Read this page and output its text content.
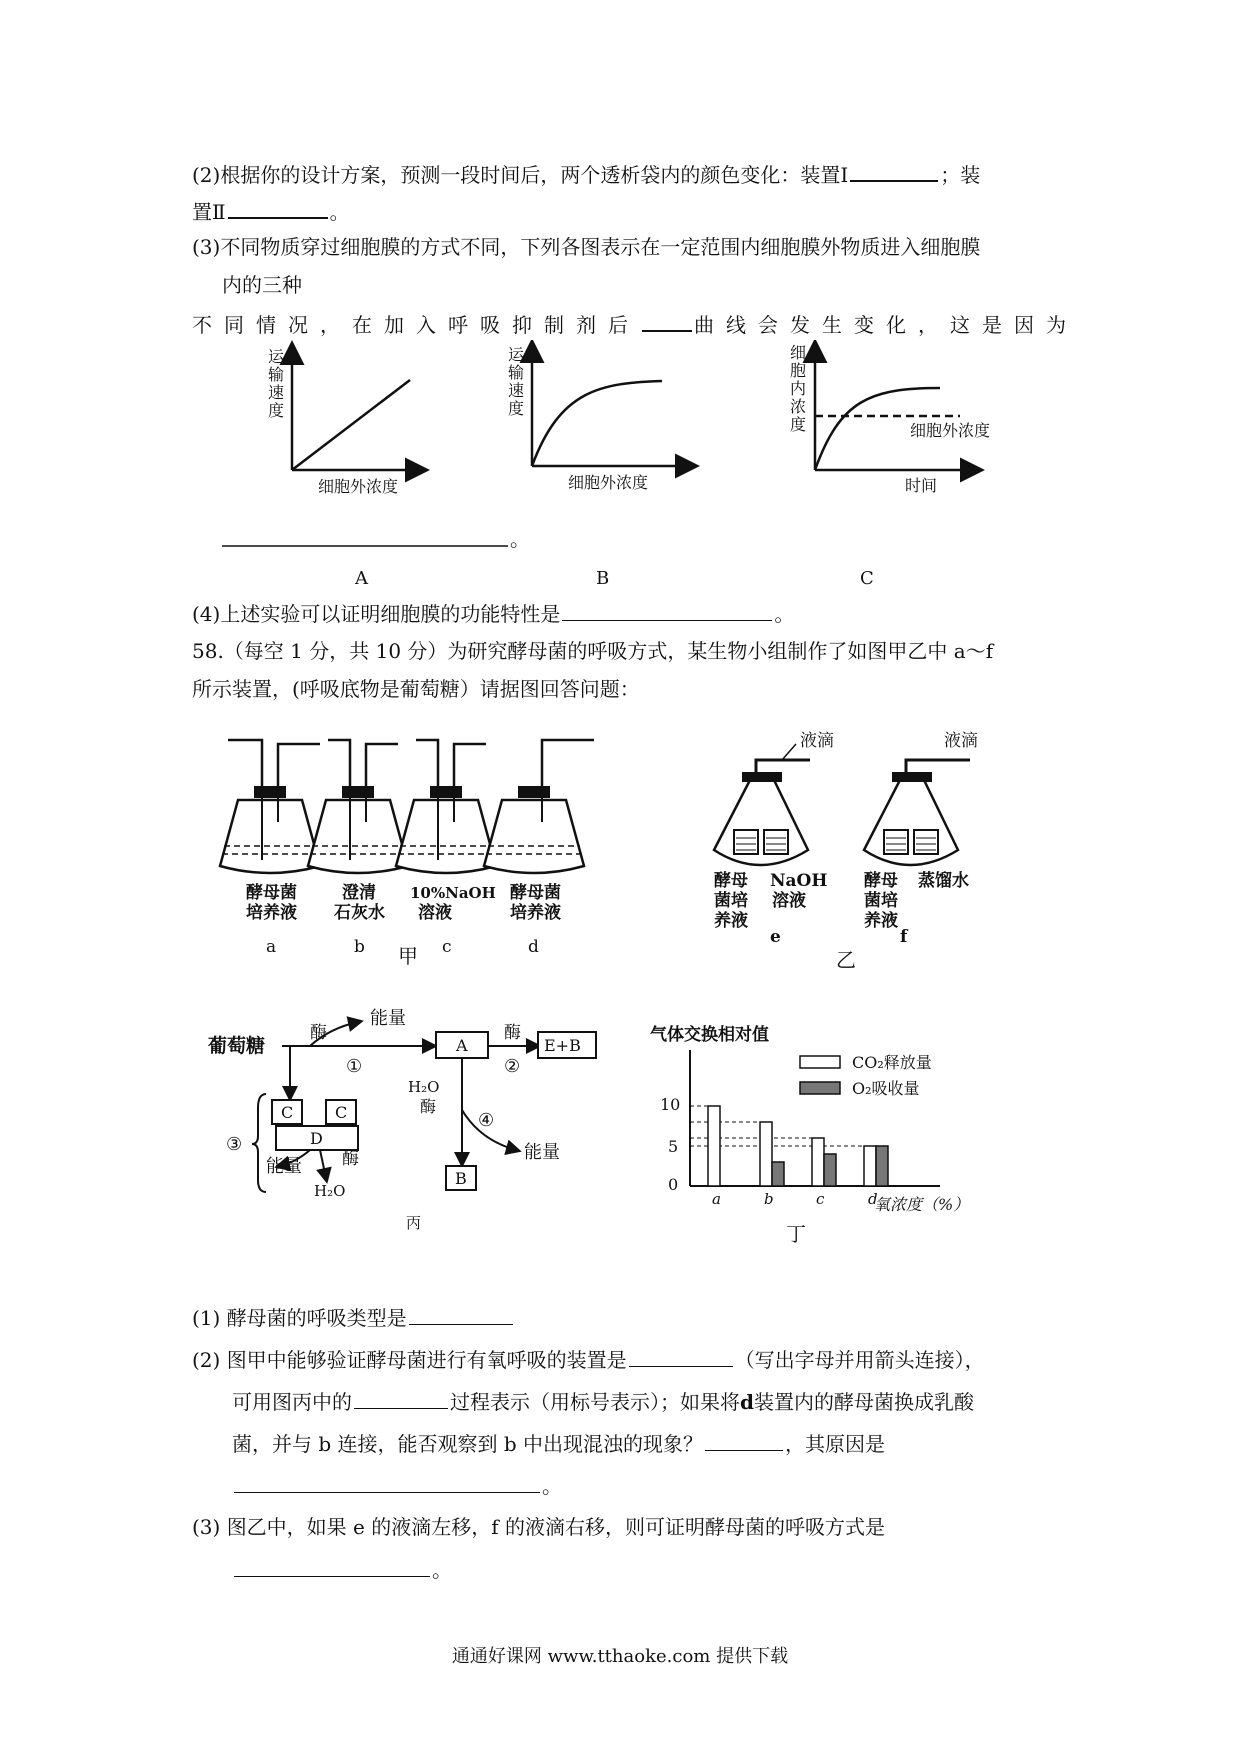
(2)根据你的设计方案，预测一段时间后，两个透析袋内的颜色变化：装置Ⅰ	；装
置Ⅱ	。
(3)不同物质穿过细胞膜的方式不同，下列各图表示在一定范围内细胞膜外物质进入细胞膜
内的三种
不同情况，在加入呼吸抑制剂后	曲线会发生变化，这是因为
运
输
速
度
细胞外浓度
运
输
速
度
细胞外浓度
细
胞
内
浓
度	细胞外浓度
时间
。
A	B	C
(4)上述实验可以证明细胞膜的功能特性是	。
58.（每空 1 分，共 10 分）为研究酵母菌的呼吸方式，某生物小组制作了如图甲乙中 a～f
所示装置，(呼吸底物是葡萄糖）请据图回答问题：
酵母菌
培养液
澄清
石灰水
10%NaOH
溶液
酵母菌
培养液
a	b	c	d
甲
液滴	液滴
酵母
菌培
养液
NaOH
溶液
酵母
菌培
养液
蒸馏水
e	f
乙
葡萄糖
能量
酶
①
A
酶
②
E+B
H₂O
酶
④
能量
B
C	C
D
酶
能量
H₂O
③
丙
气体交换相对值
CO₂释放量
O₂吸收量
10
5
0
a	b	c	d
氧浓度（%）
丁
(1) 酵母菌的呼吸类型是
(2) 图甲中能够验证酵母菌进行有氧呼吸的装置是	（写出字母并用箭头连接），
可用图丙中的	过程表示（用标号表示）；如果将d装置内的酵母菌换成乳酸
菌，并与 b 连接，能否观察到 b 中出现混浊的现象？	，其原因是
。
(3) 图乙中，如果 e 的液滴左移，f 的液滴右移，则可证明酵母菌的呼吸方式是
。
通通好课网 www.tthaoke.com 提供下载
